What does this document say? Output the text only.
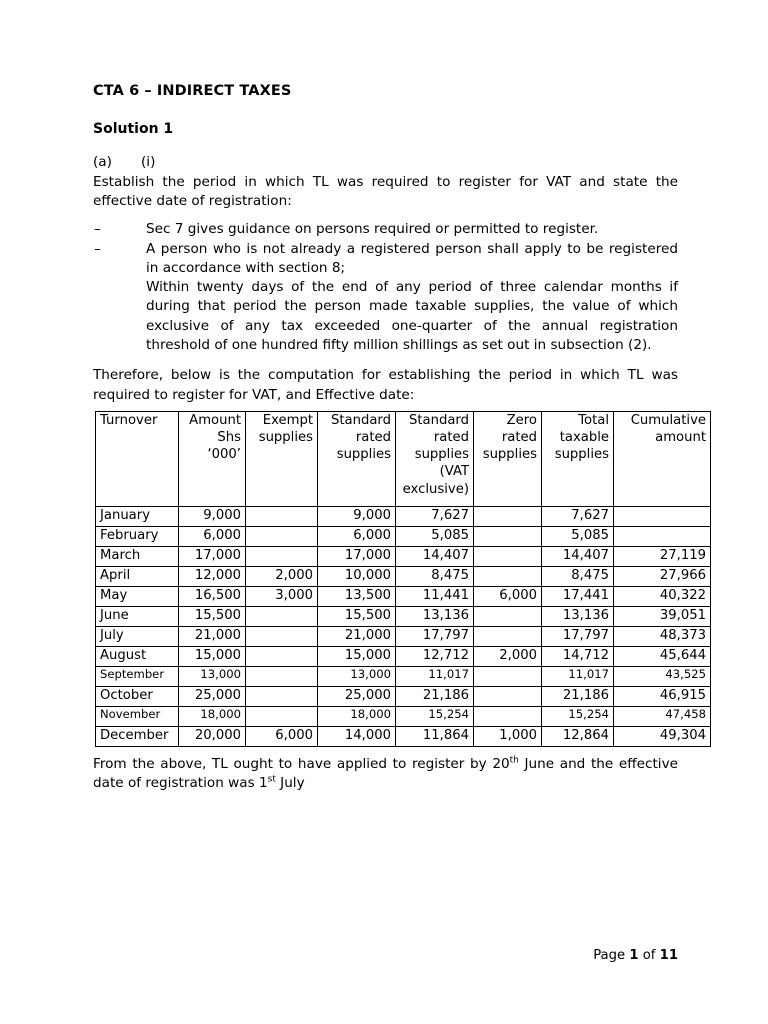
CTA 6 – INDIRECT TAXES
Solution 1
(a) (i)

Establish the period in which TL was required to register for VAT and state the effective date of registration:

–	Sec 7 gives guidance on persons required or permitted to register.
–	A person who is not already a registered person shall apply to be registered in accordance with section 8;
Within twenty days of the end of any period of three calendar months if during that period the person made taxable supplies, the value of which exclusive of any tax exceeded one-quarter of the annual registration threshold of one hundred fifty million shillings as set out in subsection (2).

Therefore, below is the computation for establishing the period in which TL was required to register for VAT, and Effective date:

Turnover	Amount Shs ‘000’	Exempt supplies	Standard rated supplies	Standard rated supplies (VAT exclusive)	Zero rated supplies	Total taxable supplies	Cumulative amount
January	9,000		9,000	7,627		7,627	
February	6,000		6,000	5,085		5,085	
March	17,000		17,000	14,407		14,407	27,119
April	12,000	2,000	10,000	8,475		8,475	27,966
May	16,500	3,000	13,500	11,441	6,000	17,441	40,322
June	15,500		15,500	13,136		13,136	39,051
July	21,000		21,000	17,797		17,797	48,373
August	15,000		15,000	12,712	2,000	14,712	45,644
September	13,000		13,000	11,017		11,017	43,525
October	25,000		25,000	21,186		21,186	46,915
November	18,000		18,000	15,254		15,254	47,458
December	20,000	6,000	14,000	11,864	1,000	12,864	49,304

From the above, TL ought to have applied to register by 20th June and the effective date of registration was 1st July

Page 1 of 11
